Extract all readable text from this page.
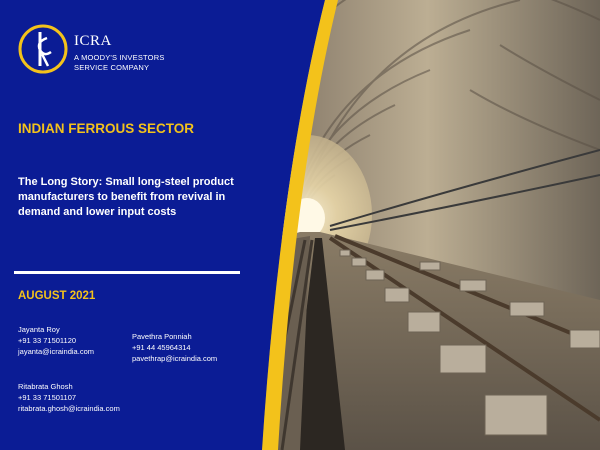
ICRA
A MOODY'S INVESTORS
SERVICE COMPANY
INDIAN FERROUS SECTOR
The Long Story: Small long-steel product manufacturers to benefit from revival in demand and lower input costs
AUGUST 2021
Jayanta Roy
+91 33 71501120
jayanta@icraindia.com
Pavethra Ponniah
+91 44 45964314
pavethrap@icraindia.com
Ritabrata Ghosh
+91 33 71501107
ritabrata.ghosh@icraindia.com
